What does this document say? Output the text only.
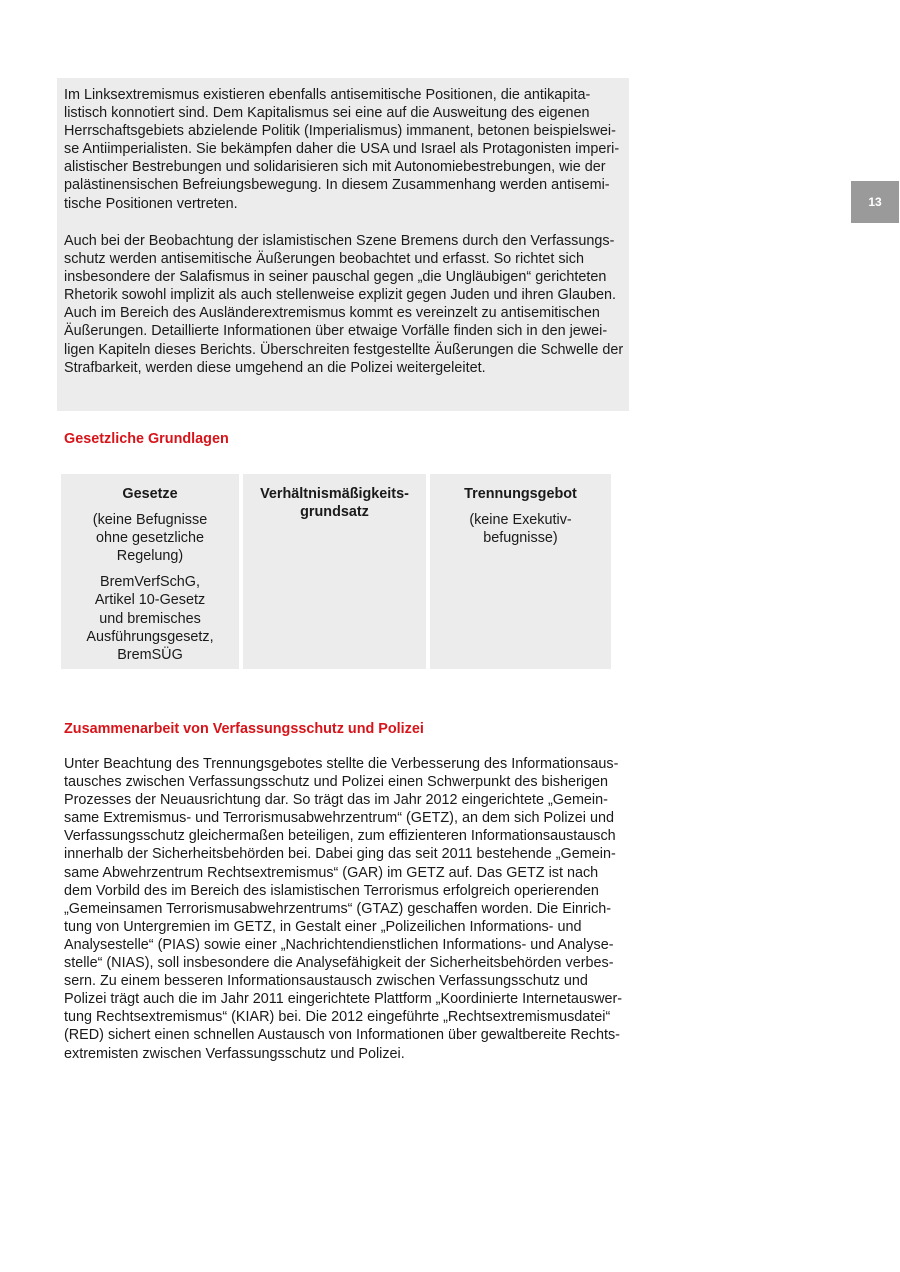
Im Linksextremismus existieren ebenfalls antisemitische Positionen, die antikapita-
listisch konnotiert sind. Dem Kapitalismus sei eine auf die Ausweitung des eigenen
Herrschaftsgebiets abzielende Politik (Imperialismus) immanent, betonen beispielswei-
se Antiimperialisten. Sie bekämpfen daher die USA und Israel als Protagonisten imperi-
alistischer Bestrebungen und solidarisieren sich mit Autonomiebestrebungen, wie der
palästinensischen Befreiungsbewegung. In diesem Zusammenhang werden antisemi-
tische Positionen vertreten.

Auch bei der Beobachtung der islamistischen Szene Bremens durch den Verfassungs-
schutz werden antisemitische Äußerungen beobachtet und erfasst. So richtet sich
insbesondere der Salafismus in seiner pauschal gegen „die Ungläubigen“ gerichteten
Rhetorik sowohl implizit als auch stellenweise explizit gegen Juden und ihren Glauben.
Auch im Bereich des Ausländerextremismus kommt es vereinzelt zu antisemitischen
Äußerungen. Detaillierte Informationen über etwaige Vorfälle finden sich in den jewei-
ligen Kapiteln dieses Berichts. Überschreiten festgestellte Äußerungen die Schwelle der
Strafbarkeit, werden diese umgehend an die Polizei weitergeleitet.

Gesetzliche Grundlagen

Gesetze

(keine Befugnisse
ohne gesetzliche
Regelung)

BremVerfSchG,
Artikel 10-Gesetz
und bremisches
Ausführungsgesetz,
BremSÜG

Verhältnismäßigkeits-
grundsatz

Trennungsgebot

(keine Exekutiv-
befugnisse)

Zusammenarbeit von Verfassungsschutz und Polizei

Unter Beachtung des Trennungsgebotes stellte die Verbesserung des Informationsaus-
tausches zwischen Verfassungsschutz und Polizei einen Schwerpunkt des bisherigen
Prozesses der Neuausrichtung dar. So trägt das im Jahr 2012 eingerichtete „Gemein-
same Extremismus- und Terrorismusabwehrzentrum“ (GETZ), an dem sich Polizei und
Verfassungsschutz gleichermaßen beteiligen, zum effizienteren Informationsaustausch
innerhalb der Sicherheitsbehörden bei. Dabei ging das seit 2011 bestehende „Gemein-
same Abwehrzentrum Rechtsextremismus“ (GAR) im GETZ auf. Das GETZ ist nach
dem Vorbild des im Bereich des islamistischen Terrorismus erfolgreich operierenden
„Gemeinsamen Terrorismusabwehrzentrums“ (GTAZ) geschaffen worden. Die Einrich-
tung von Untergremien im GETZ, in Gestalt einer „Polizeilichen Informations- und
Analysestelle“ (PIAS) sowie einer „Nachrichtendienstlichen Informations- und Analyse-
stelle“ (NIAS), soll insbesondere die Analysefähigkeit der Sicherheitsbehörden verbes-
sern. Zu einem besseren Informationsaustausch zwischen Verfassungsschutz und
Polizei trägt auch die im Jahr 2011 eingerichtete Plattform „Koordinierte Internetauswer-
tung Rechtsextremismus“ (KIAR) bei. Die 2012 eingeführte „Rechtsextremismusdatei“
(RED) sichert einen schnellen Austausch von Informationen über gewaltbereite Rechts-
extremisten zwischen Verfassungsschutz und Polizei.

13
